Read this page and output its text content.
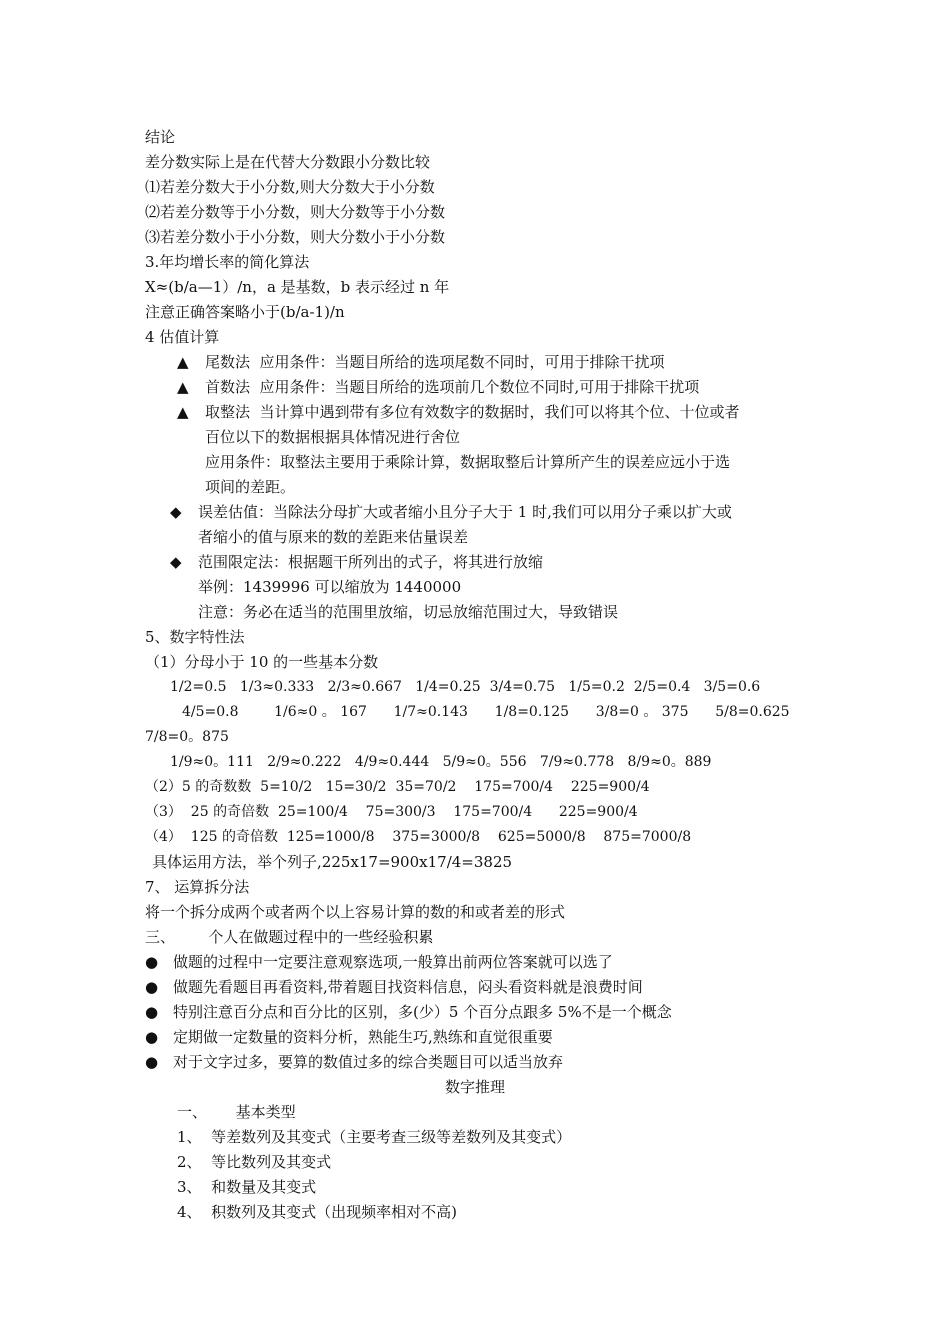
结论
差分数实际上是在代替大分数跟小分数比较
⑴若差分数大于小分数,则大分数大于小分数
⑵若差分数等于小分数，则大分数等于小分数
⑶若差分数小于小分数，则大分数小于小分数
3.年均增长率的简化算法
X≈(b/a—1）/n，a 是基数，b 表示经过 n 年
注意正确答案略小于(b/a-1)/n
4 估值计算
▲ 尾数法  应用条件：当题目所给的选项尾数不同时，可用于排除干扰项
▲ 首数法  应用条件：当题目所给的选项前几个数位不同时,可用于排除干扰项
▲ 取整法  当计算中遇到带有多位有效数字的数据时，我们可以将其个位、十位或者
百位以下的数据根据具体情况进行舍位
应用条件：取整法主要用于乘除计算，数据取整后计算所产生的误差应远小于选
项间的差距。
◆ 误差估值：当除法分母扩大或者缩小且分子大于 1 时,我们可以用分子乘以扩大或
者缩小的值与原来的数的差距来估量误差
◆ 范围限定法：根据题干所列出的式子，将其进行放缩
举例：1439996 可以缩放为 1440000
注意：务必在适当的范围里放缩，切忌放缩范围过大，导致错误
5、数字特性法
（1）分母小于 10 的一些基本分数
1/2=0.5   1/3≈0.333   2/3≈0.667   1/4=0.25  3/4=0.75   1/5=0.2  2/5=0.4   3/5=0.6
4/5=0.8        1/6≈0 。 167      1/7≈0.143      1/8=0.125      3/8=0 。 375      5/8=0.625
7/8=0。875
1/9≈0。111   2/9≈0.222   4/9≈0.444   5/9≈0。556   7/9≈0.778   8/9≈0。889
（2）5 的奇数数  5=10/2   15=30/2  35=70/2    175=700/4    225=900/4
（3）  25 的奇倍数  25=100/4    75=300/3    175=700/4      225=900/4
（4）  125 的奇倍数  125=1000/8    375=3000/8    625=5000/8    875=7000/8
具体运用方法，举个列子,225x17=900x17/4=3825
7、 运算拆分法
将一个拆分成两个或者两个以上容易计算的数的和或者差的形式
三、       个人在做题过程中的一些经验积累
● 做题的过程中一定要注意观察选项,一般算出前两位答案就可以选了
● 做题先看题目再看资料,带着题目找资料信息，闷头看资料就是浪费时间
● 特别注意百分点和百分比的区别，多(少）5 个百分点跟多 5%不是一个概念
● 定期做一定数量的资料分析，熟能生巧,熟练和直觉很重要
● 对于文字过多，要算的数值过多的综合类题目可以适当放弃
数字推理
一、      基本类型
1、  等差数列及其变式（主要考查三级等差数列及其变式）
2、  等比数列及其变式
3、  和数量及其变式
4、  积数列及其变式（出现频率相对不高)
